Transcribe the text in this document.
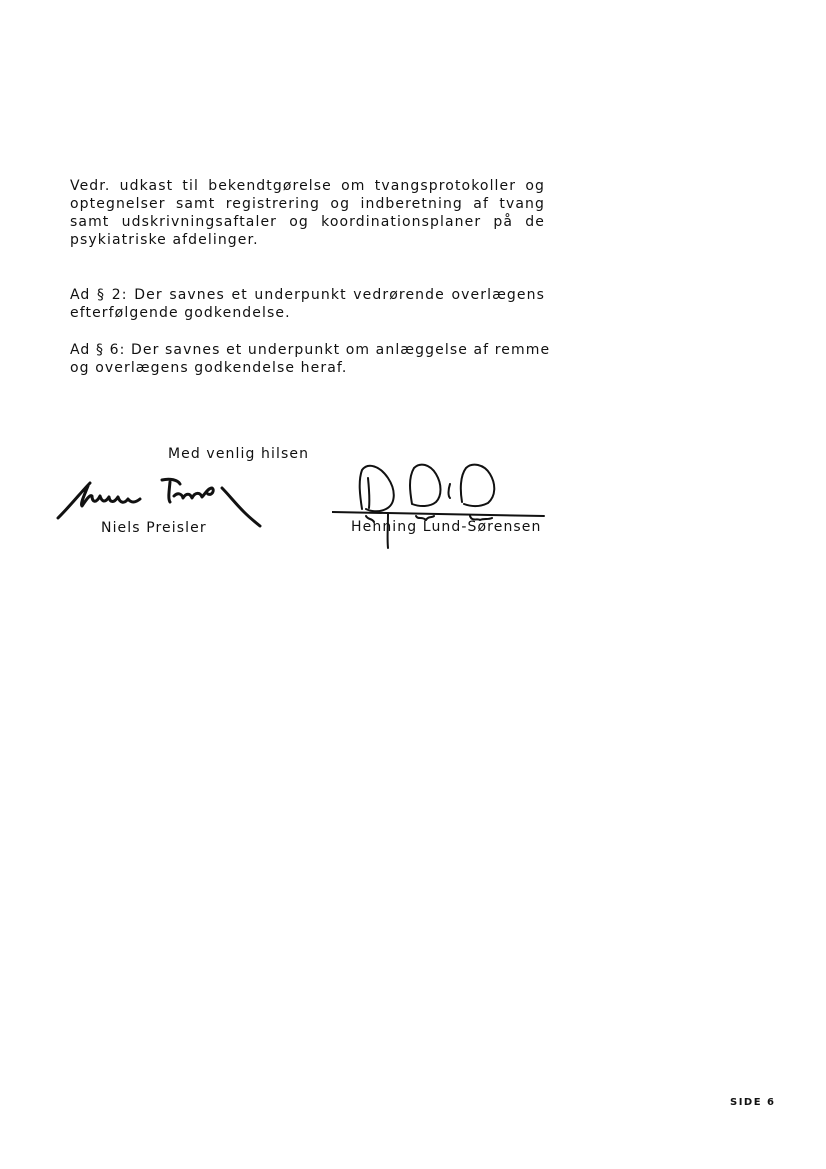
Vedr. udkast til bekendtgørelse om tvangsprotokoller og
optegnelser samt registrering og indberetning af tvang
samt udskrivningsaftaler og koordinationsplaner på de
psykiatriske afdelinger.
Ad § 2: Der savnes et underpunkt vedrørende overlægens
efterfølgende godkendelse.
Ad § 6: Der savnes et underpunkt om anlæggelse af remme
og overlægens godkendelse heraf.
Med venlig hilsen
Niels Preisler	Henning Lund-Sørensen
SIDE 6
